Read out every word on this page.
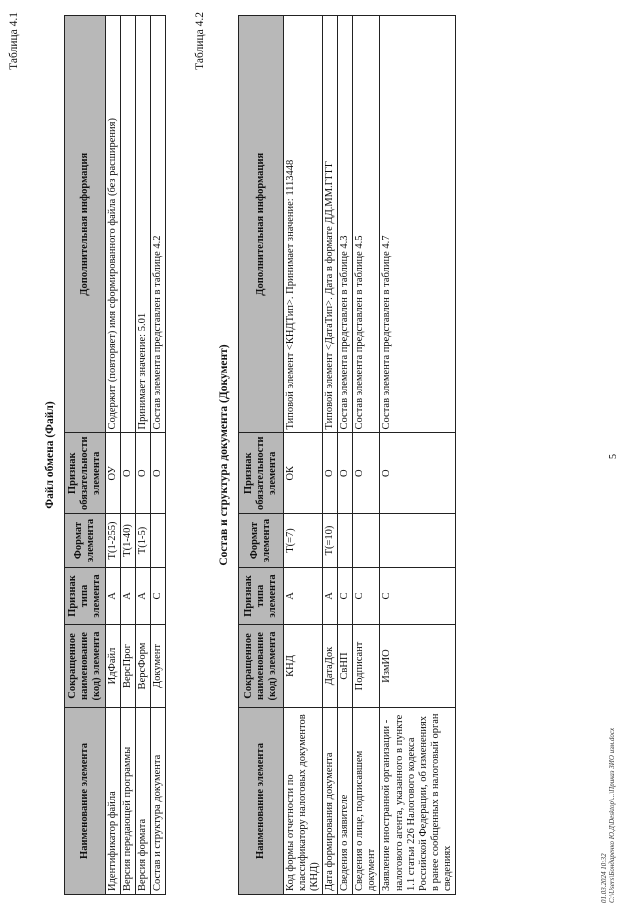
5
Таблица 4.1
Файл обмена (Файл)
Наименование элемента	Сокращенное наименование (код) элемента	Признак типа элемента	Формат элемента	Признак обязательности элемента	Дополнительная информация
Идентификатор файла	ИдФайл	А	Т(1-255)	ОУ	Содержит (повторяет) имя сформированного файла (без расширения)
Версия передающей программы	ВерсПрог	А	Т(1-40)	О	
Версия формата	ВерсФорм	А	Т(1-5)	О	Принимает значение: 5.01
Состав и структура документа	Документ	С		О	Состав элемента представлен в таблице 4.2
Таблица 4.2
Состав и структура документа (Документ)
Наименование элемента	Сокращенное наименование (код) элемента	Признак типа элемента	Формат элемента	Признак обязательности элемента	Дополнительная информация
Код формы отчетности по классификатору налоговых документов (КНД)	КНД	А	Т(=7)	ОК	Типовой элемент <КНДТип>. Принимает значение: 1113448
Дата формирования документа	ДатаДок	А	Т(=10)	О	Типовой элемент <ДатаТип>. Дата в формате ДД.ММ.ГГГГ
Сведения о заявителе	СвНП	С		О	Состав элемента представлен в таблице 4.3
Сведения о лице, подписавшем документ	Подписант	С		О	Состав элемента представлен в таблице 4.5
Заявление иностранной организации - налогового агента, указанного в пункте 1.1 статьи 226 Налогового кодекса Российской Федерации, об изменениях в ранее сообщенных в налоговый орган сведениях	ИзмИО	С		О	Состав элемента представлен в таблице 4.7
01.03.2024 10:32 C:\Users\Бондаренко Ю.Д\Desktop\...\Приказ ЗИО изм.docx
